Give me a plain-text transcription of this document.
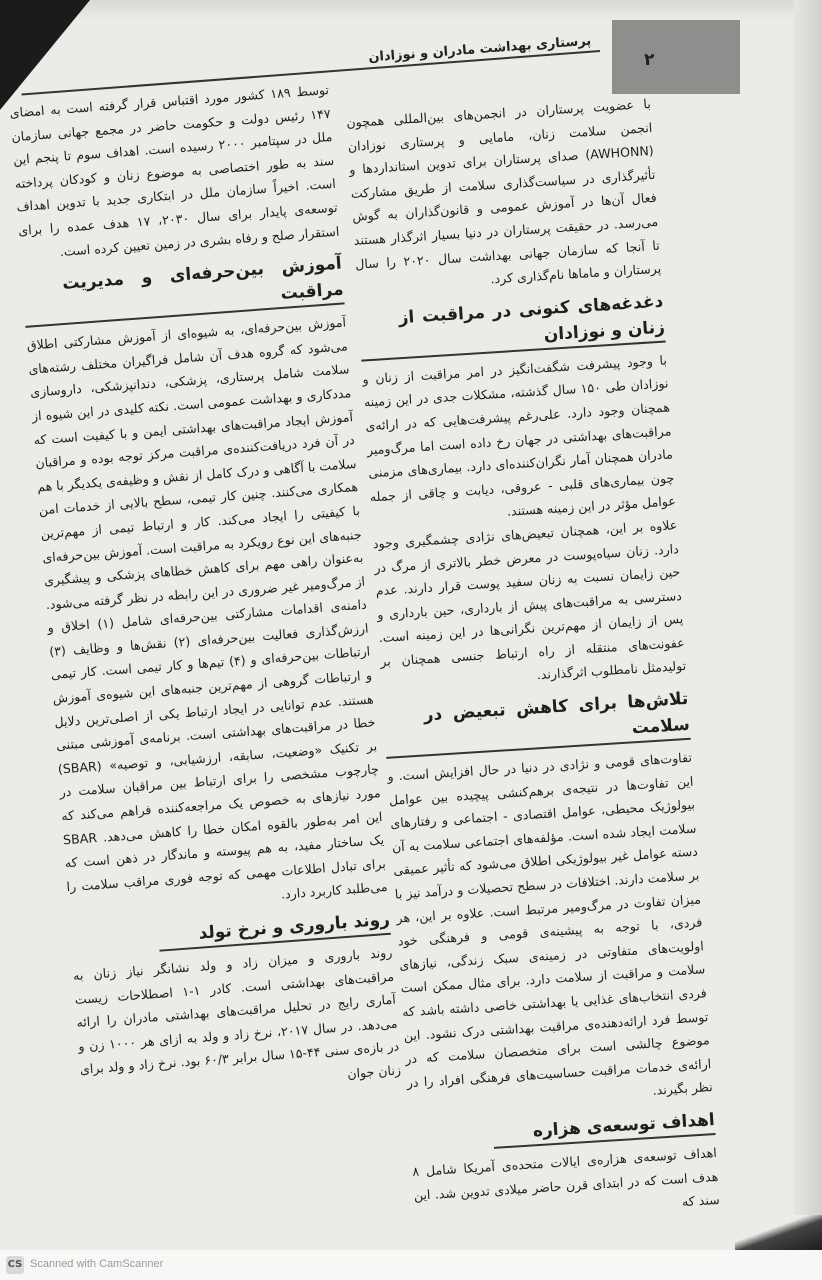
پرستاری بهداشت مادران و نوزادان	۲

با عضویت پرستاران در انجمن‌های بین‌المللی همچون انجمن سلامت زنان، مامایی و پرستاری نوزادان (AWHONN) صدای پرستاران برای تدوین استانداردها و تأثیرگذاری در سیاست‌گذاری سلامت از طریق مشارکت فعال آن‌ها در آموزش عمومی و قانون‌گذاران به گوش می‌رسد. در حقیقت پرستاران در دنیا بسیار اثرگذار هستند تا آنجا که سازمان جهانی بهداشت سال ۲۰۲۰ را سال پرستاران و ماماها نام‌گذاری کرد.

دغدغه‌های کنونی در مراقبت از زنان و نوزادان

با وجود پیشرفت شگفت‌انگیز در امر مراقبت از زنان و نوزادان طی ۱۵۰ سال گذشته، مشکلات جدی در این زمینه همچنان وجود دارد. علی‌رغم پیشرفت‌هایی که در ارائه‌ی مراقبت‌های بهداشتی در جهان رخ داده است اما مرگ‌ومیر مادران همچنان آمار نگران‌کننده‌ای دارد. بیماری‌های مزمنی چون بیماری‌های قلبی - عروقی، دیابت و چاقی از جمله عوامل مؤثر در این زمینه هستند.

علاوه بر این، همچنان تبعیض‌های نژادی چشمگیری وجود دارد. زنان سیاه‌پوست در معرض خطر بالاتری از مرگ در حین زایمان نسبت به زنان سفید پوست قرار دارند. عدم دسترسی به مراقبت‌های پیش از بارداری، حین بارداری و پس از زایمان از مهم‌ترین نگرانی‌ها در این زمینه است. عفونت‌های منتقله از راه ارتباط جنسی همچنان بر تولیدمثل نامطلوب اثرگذارند.

تلاش‌ها برای کاهش تبعیض در سلامت

تفاوت‌های قومی و نژادی در دنیا در حال افزایش است. و این تفاوت‌ها در نتیجه‌ی برهم‌کنشی پیچیده بین عوامل بیولوژیک محیطی، عوامل اقتصادی - اجتماعی و رفتارهای سلامت ایجاد شده است. مؤلفه‌های اجتماعی سلامت به آن دسته عوامل غیر بیولوژیکی اطلاق می‌شود که تأثیر عمیقی بر سلامت دارند. اختلافات در سطح تحصیلات و درآمد نیز با میزان تفاوت در مرگ‌ومیر مرتبط است. علاوه بر این، هر فردی، با توجه به پیشینه‌ی قومی و فرهنگی خود اولویت‌های متفاوتی در زمینه‌ی سبک زندگی، نیازهای سلامت و مراقبت از سلامت دارد. برای مثال ممکن است فردی انتخاب‌های غذایی یا بهداشتی خاصی داشته باشد که توسط فرد ارائه‌دهنده‌ی مراقبت بهداشتی درک نشود. این موضوع چالشی است برای متخصصان سلامت که در ارائه‌ی خدمات مراقبت حساسیت‌های فرهنگی افراد را در نظر بگیرند.

اهداف توسعه‌ی هزاره

اهداف توسعه‌ی هزاره‌ی ایالات متحده‌ی آمریکا شامل ۸ هدف است که در ابتدای قرن حاضر میلادی تدوین شد. این سند که

توسط ۱۸۹ کشور مورد اقتباس قرار گرفته است به امضای ۱۴۷ رئیس دولت و حکومت حاضر در مجمع جهانی سازمان ملل در سپتامبر ۲۰۰۰ رسیده است. اهداف سوم تا پنجم این سند به طور اختصاصی به موضوع زنان و کودکان پرداخته است. اخیراً سازمان ملل در ابتکاری جدید با تدوین اهداف توسعه‌ی پایدار برای سال ۲۰۳۰، ۱۷ هدف عمده را برای استقرار صلح و رفاه بشری در زمین تعیین کرده است.

آموزش بین‌حرفه‌ای و مدیریت مراقبت

آموزش بین‌حرفه‌ای، به شیوه‌ای از آموزش مشارکتی اطلاق می‌شود که گروه هدف آن شامل فراگیران مختلف رشته‌های سلامت شامل پرستاری، پزشکی، دندانپزشکی، داروسازی مددکاری و بهداشت عمومی است. نکته کلیدی در این شیوه از آموزش ایجاد مراقبت‌های بهداشتی ایمن و با کیفیت است که در آن فرد دریافت‌کننده‌ی مراقبت مرکز توجه بوده و مراقبان سلامت با آگاهی و درک کامل از نقش و وظیفه‌ی یکدیگر با هم همکاری می‌کنند. چنین کار تیمی، سطح بالایی از خدمات امن با کیفیتی را ایجاد می‌کند. کار و ارتباط تیمی از مهم‌ترین جنبه‌های این نوع رویکرد به مراقبت است. آموزش بین‌حرفه‌ای به‌عنوان راهی مهم برای کاهش خطاهای پزشکی و پیشگیری از مرگ‌ومیر غیر ضروری در این رابطه در نظر گرفته می‌شود. دامنه‌ی اقدامات مشارکتی بین‌حرفه‌ای شامل (۱) اخلاق و ارزش‌گذاری فعالیت بین‌حرفه‌ای (۲) نقش‌ها و وظایف (۳) ارتباطات بین‌حرفه‌ای و (۴) تیم‌ها و کار تیمی است. کار تیمی و ارتباطات گروهی از مهم‌ترین جنبه‌های این شیوه‌ی آموزش هستند. عدم توانایی در ایجاد ارتباط یکی از اصلی‌ترین دلایل خطا در مراقبت‌های بهداشتی است. برنامه‌ی آموزشی مبتنی بر تکنیک «وضعیت، سابقه، ارزشیابی، و توصیه» (SBAR) چارچوب مشخصی را برای ارتباط بین مراقبان سلامت در مورد نیازهای به خصوص یک مراجعه‌کننده فراهم می‌کند که این امر به‌طور بالقوه امکان خطا را کاهش می‌دهد. SBAR یک ساختار مفید، به هم پیوسته و ماندگار در ذهن است که برای تبادل اطلاعات مهمی که توجه فوری مراقب سلامت را می‌طلبد کاربرد دارد.

روند باروری و نرخ تولد

روند باروری و میزان زاد و ولد نشانگر نیاز زنان به مراقبت‌های بهداشتی است. کادر ۱-۱ اصطلاحات زیست آماری رایج در تحلیل مراقبت‌های بهداشتی مادران را ارائه می‌دهد. در سال ۲۰۱۷، نرخ زاد و ولد به ازای هر ۱۰۰۰ زن و در بازه‌ی سنی ۴۴-۱۵ سال برابر ۶۰/۳ بود. نرخ زاد و ولد برای زنان جوان

CS Scanned with CamScanner
